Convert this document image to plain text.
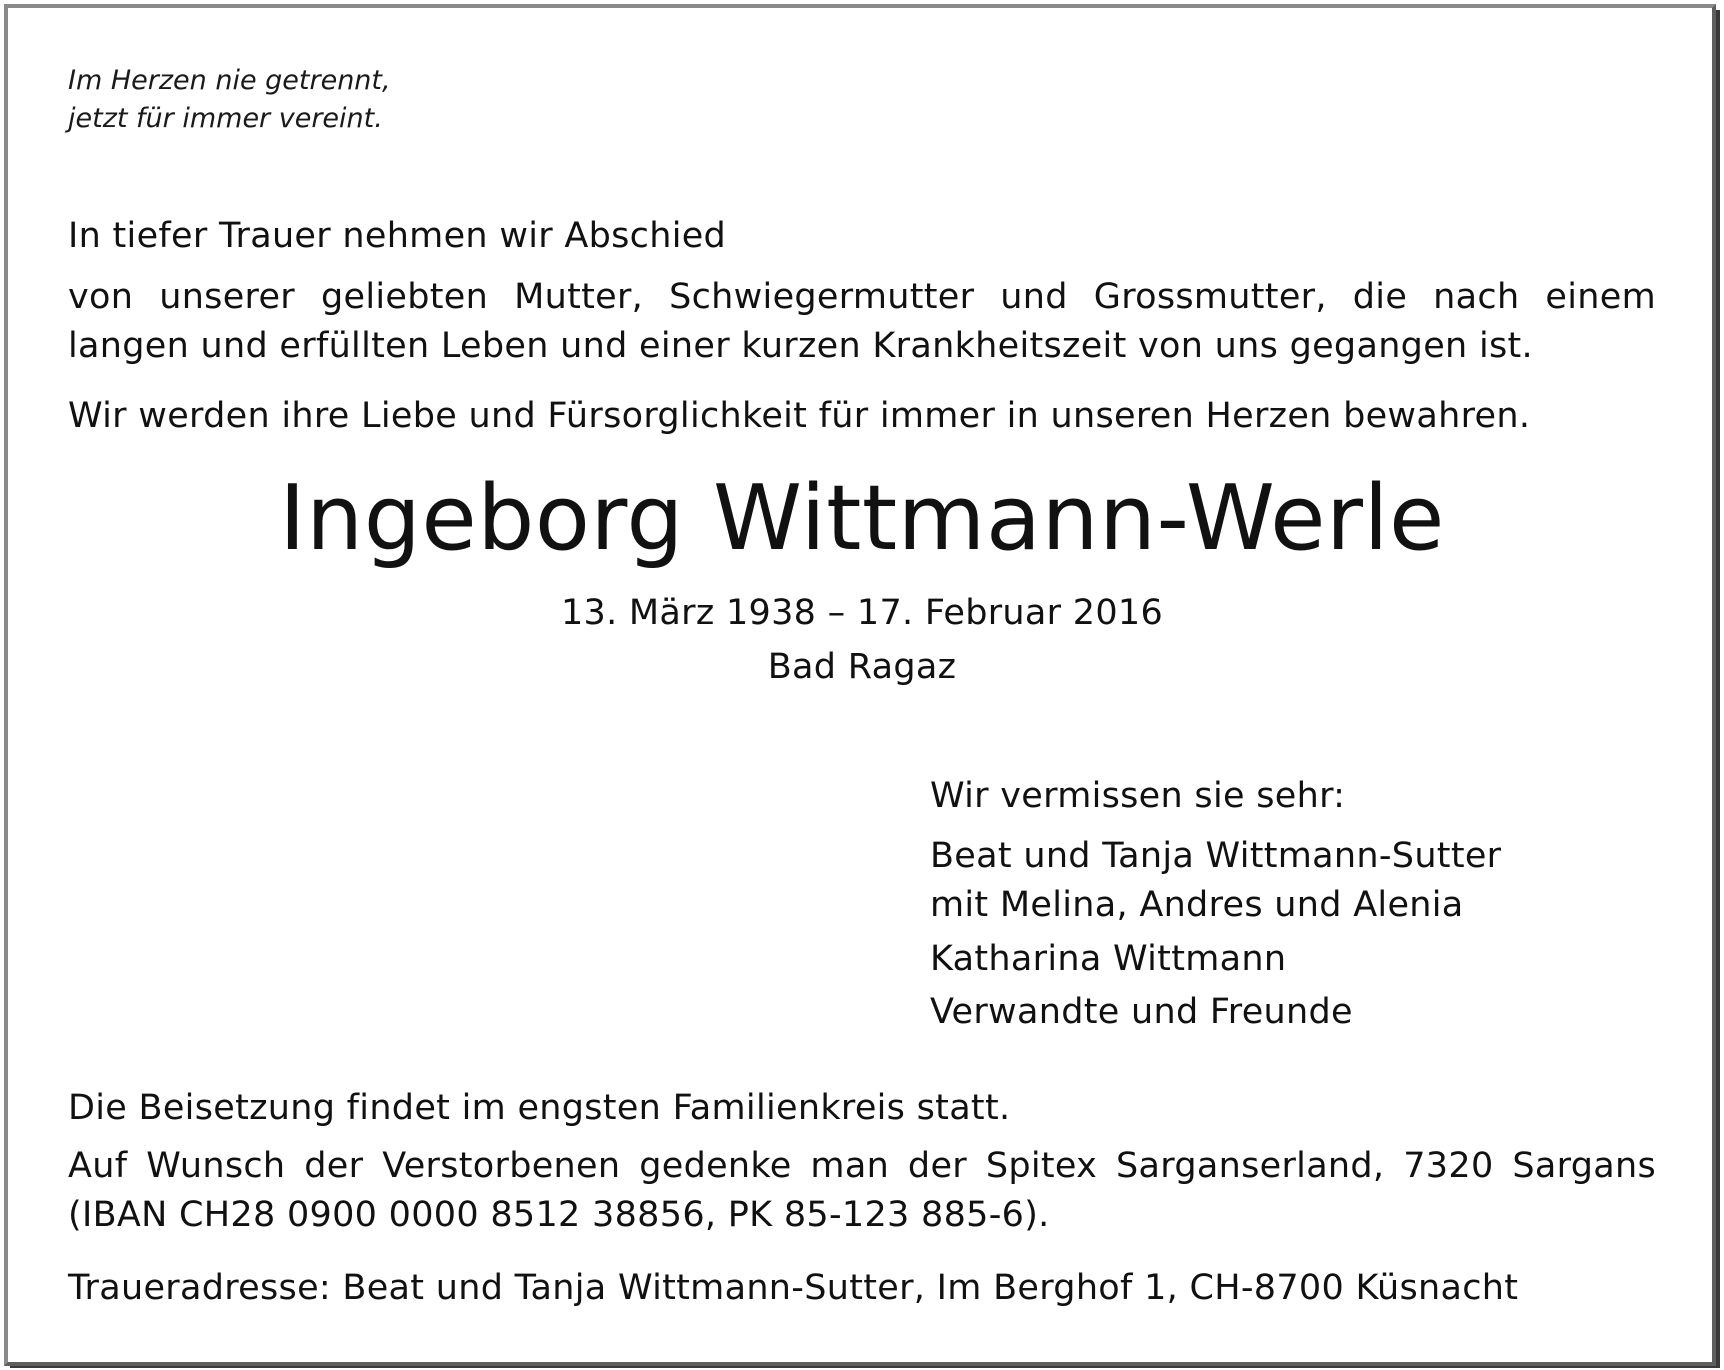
Im Herzen nie getrennt,
jetzt für immer vereint.
In tiefer Trauer nehmen wir Abschied
von unserer geliebten Mutter, Schwiegermutter und Grossmutter, die nach einem langen und erfüllten Leben und einer kurzen Krankheitszeit von uns gegangen ist.
Wir werden ihre Liebe und Fürsorglichkeit für immer in unseren Herzen bewahren.
Ingeborg Wittmann-Werle
13. März 1938 – 17. Februar 2016
Bad Ragaz
Wir vermissen sie sehr:
Beat und Tanja Wittmann-Sutter
mit Melina, Andres und Alenia
Katharina Wittmann
Verwandte und Freunde
Die Beisetzung findet im engsten Familienkreis statt.
Auf Wunsch der Verstorbenen gedenke man der Spitex Sarganserland, 7320 Sargans (IBAN CH28 0900 0000 8512 38856, PK 85-123 885-6).
Traueradresse: Beat und Tanja Wittmann-Sutter, Im Berghof 1, CH-8700 Küsnacht
